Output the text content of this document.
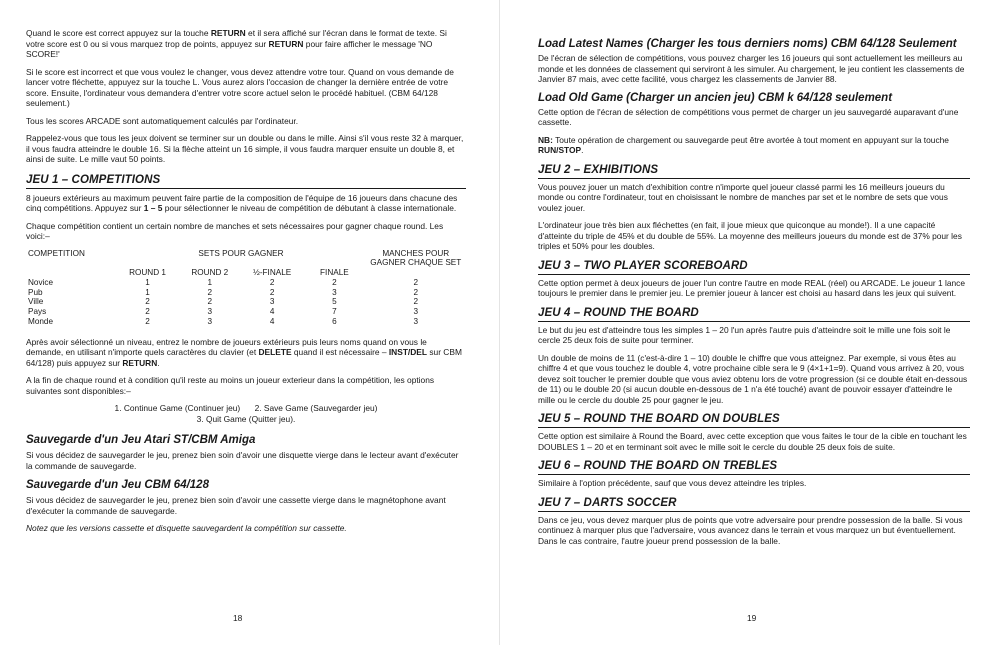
Quand le score est correct appuyez sur la touche RETURN et il sera affiché sur l'écran dans le format de texte. Si votre score est 0 ou si vous marquez trop de points, appuyez sur RETURN pour faire afficher le message 'NO SCORE!'

Si le score est incorrect et que vous voulez le changer, vous devez attendre votre tour. Quand on vous demande de lancer votre fléchette, appuyez sur la touche L. Vous aurez alors l'occasion de changer la dernière entrée de votre score. Ensuite, l'ordinateur vous demandera d'entrer votre score actuel selon le procédé habituel. (CBM 64/128 seulement.)

Tous les scores ARCADE sont automatiquement calculés par l'ordinateur.

Rappelez-vous que tous les jeux doivent se terminer sur un double ou dans le mille. Ainsi s'il vous reste 32 à marquer, il vous faudra atteindre le double 16. Si la flèche atteint un 16 simple, il vous faudra marquer ensuite un double 8, et ainsi de suite. Le mille vaut 50 points.

JEU 1 – COMPETITIONS

8 joueurs extérieurs au maximum peuvent faire partie de la composition de l'équipe de 16 joueurs dans chacune des cinq compétitions. Appuyez sur 1 – 5 pour sélectionner le niveau de compétition de débutant à classe internationale.

Chaque compétition contient un certain nombre de manches et sets nécessaires pour gagner chaque round. Les voici:–

COMPETITION	SETS POUR GAGNER				MANCHES POUR
GAGNER CHAQUE SET
	ROUND 1	ROUND 2	½-FINALE	FINALE	
Novice	1	1	2	2	2
Pub	1	2	2	3	2
Ville	2	2	3	5	2
Pays	2	3	4	7	3
Monde	2	3	4	6	3

Après avoir sélectionné un niveau, entrez le nombre de joueurs extérieurs puis leurs noms quand on vous le demande, en utilisant n'importe quels caractères du clavier (et DELETE quand il est nécessaire – INST/DEL sur CBM 64/128) puis appuyez sur RETURN.

A la fin de chaque round et à condition qu'il reste au moins un joueur exterieur dans la compétition, les options suivantes sont disponibles:–

1. Continue Game (Continuer jeu) 2. Save Game (Sauvegarder jeu)
3. Quit Game (Quitter jeu).
Sauvegarde d'un Jeu Atari ST/CBM Amiga

Si vous décidez de sauvegarder le jeu, prenez bien soin d'avoir une disquette vierge dans le lecteur avant d'exécuter la commande de sauvegarde.

Sauvegarde d'un Jeu CBM 64/128

Si vous décidez de sauvegarder le jeu, prenez bien soin d'avoir une cassette vierge dans le magnétophone avant d'exécuter la commande de sauvegarde.

Notez que les versions cassette et disquette sauvegardent la compétition sur cassette.

18
Load Latest Names (Charger les tous derniers noms) CBM 64/128 Seulement

De l'écran de sélection de compétitions, vous pouvez charger les 16 joueurs qui sont actuellement les meilleurs au monde et les données de classement qui serviront à les simuler. Au chargement, le jeu contient les classements de Janvier 87 mais, avec cette facilité, vous chargez les classements de Janvier 88.

Load Old Game (Charger un ancien jeu) CBM k 64/128 seulement

Cette option de l'écran de sélection de compétitions vous permet de charger un jeu sauvegardé auparavant d'une cassette.

NB: Toute opération de chargement ou sauvegarde peut être avortée à tout moment en appuyant sur la touche RUN/STOP.

JEU 2 – EXHIBITIONS

Vous pouvez jouer un match d'exhibition contre n'importe quel joueur classé parmi les 16 meilleurs joueurs du monde ou contre l'ordinateur, tout en choisissant le nombre de manches par set et le nombre de sets que vous voulez jouer.

L'ordinateur joue très bien aux fléchettes (en fait, il joue mieux que quiconque au monde!). Il a une capacité d'atteinte du triple de 45% et du double de 55%. La moyenne des meilleurs joueurs du monde est de 37% pour les triples et 50% pour les doubles.

JEU 3 – TWO PLAYER SCOREBOARD

Cette option permet à deux joueurs de jouer l'un contre l'autre en mode REAL (réel) ou ARCADE. Le joueur 1 lance toujours le premier dans le premier jeu. Le premier joueur à lancer est choisi au hasard dans les jeux qui suivent.

JEU 4 – ROUND THE BOARD

Le but du jeu est d'atteindre tous les simples 1 – 20 l'un après l'autre puis d'atteindre soit le mille une fois soit le cercle 25 deux fois de suite pour terminer.

Un double de moins de 11 (c'est-à-dire 1 – 10) double le chiffre que vous atteignez. Par exemple, si vous êtes au chiffre 4 et que vous touchez le double 4, votre prochaine cible sera le 9 (4×1+1=9). Quand vous arrivez à 20, vous devez soit toucher le premier double que vous aviez obtenu lors de votre progression (si ce double était en-dessous de 11) ou le double 20 (si aucun double en-dessous de 1 n'a été touché) avant de pouvoir essayer d'atteindre le mille ou le cercle du double 25 pour gagner le jeu.

JEU 5 – ROUND THE BOARD ON DOUBLES

Cette option est similaire à Round the Board, avec cette exception que vous faites le tour de la cible en touchant les DOUBLES 1 – 20 et en terminant soit avec le mille soit le cercle du double 25 deux fois de suite.

JEU 6 – ROUND THE BOARD ON TREBLES

Similaire à l'option précédente, sauf que vous devez atteindre les triples.

JEU 7 – DARTS SOCCER

Dans ce jeu, vous devez marquer plus de points que votre adversaire pour prendre possession de la balle. Si vous continuez à marquer plus que l'adversaire, vous avancez dans le terrain et vous marquez un but éventuellement. Dans le cas contraire, l'autre joueur prend possession de la balle.

19
